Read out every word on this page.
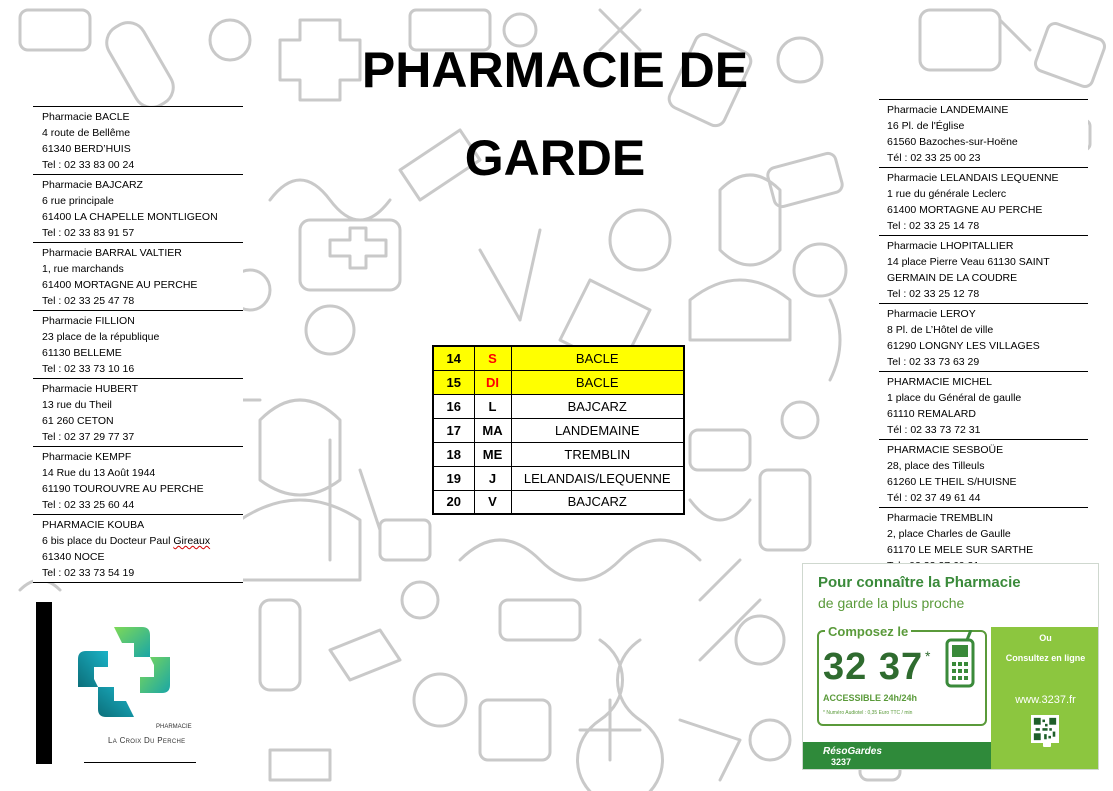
PHARMACIE DE
GARDE
Pharmacie BACLE
4 route de Bellême
61340 BERD’HUIS
Tel : 02 33 83 00 24
Pharmacie BAJCARZ
6 rue principale
61400 LA CHAPELLE MONTLIGEON
Tel : 02 33 83 91 57
Pharmacie BARRAL VALTIER
1, rue marchands
61400 MORTAGNE AU PERCHE
Tel : 02 33 25 47 78
Pharmacie FILLION
23 place de la république
61130 BELLEME
Tel : 02 33 73 10 16
Pharmacie HUBERT
13 rue du Theil
61 260 CETON
Tel : 02 37 29 77 37
Pharmacie KEMPF
14 Rue du 13 Août 1944
61190 TOUROUVRE AU PERCHE
Tel : 02 33 25 60 44
PHARMACIE KOUBA
6 bis place du Docteur Paul Gireaux
61340 NOCE
Tel : 02 33 73 54 19
Pharmacie LANDEMAINE
16 Pl. de l'Église
61560 Bazoches-sur-Hoëne
Tél : 02 33 25 00 23
Pharmacie LELANDAIS LEQUENNE
1 rue du générale Leclerc
61400 MORTAGNE AU PERCHE
Tel : 02 33 25 14 78
Pharmacie LHOPITALLIER
14 place Pierre Veau 61130 SAINT
GERMAIN DE LA COUDRE
Tel : 02 33 25 12 78
Pharmacie LEROY
8 Pl. de L’Hôtel de ville
61290 LONGNY LES VILLAGES
Tel : 02 33 73 63 29
PHARMACIE MICHEL
1 place du Général de gaulle
61110 REMALARD
Tél : 02 33 73 72 31
PHARMACIE SESBOÜE
28, place des Tilleuls
61260 LE THEIL S/HUISNE
Tél : 02 37 49 61 44
Pharmacie TREMBLIN
2, place Charles de Gaulle
61170 LE MELE SUR SARTHE
14	S	BACLE
15	DI	BACLE
16	L	BAJCARZ
17	MA	LANDEMAINE
18	ME	TREMBLIN
19	J	LELANDAIS/LEQUENNE
20	V	BAJCARZ
PHARMACIE
La Croix Du Perche
Pour connaître la Pharmacie
de garde la plus proche
Composez le
32 37 *
ACCESSIBLE 24h/24h
* Numéro Audiotel : 0,35 Euro TTC / min
Ou
Consultez en ligne
www.3237.fr
RésoGardes
3237
